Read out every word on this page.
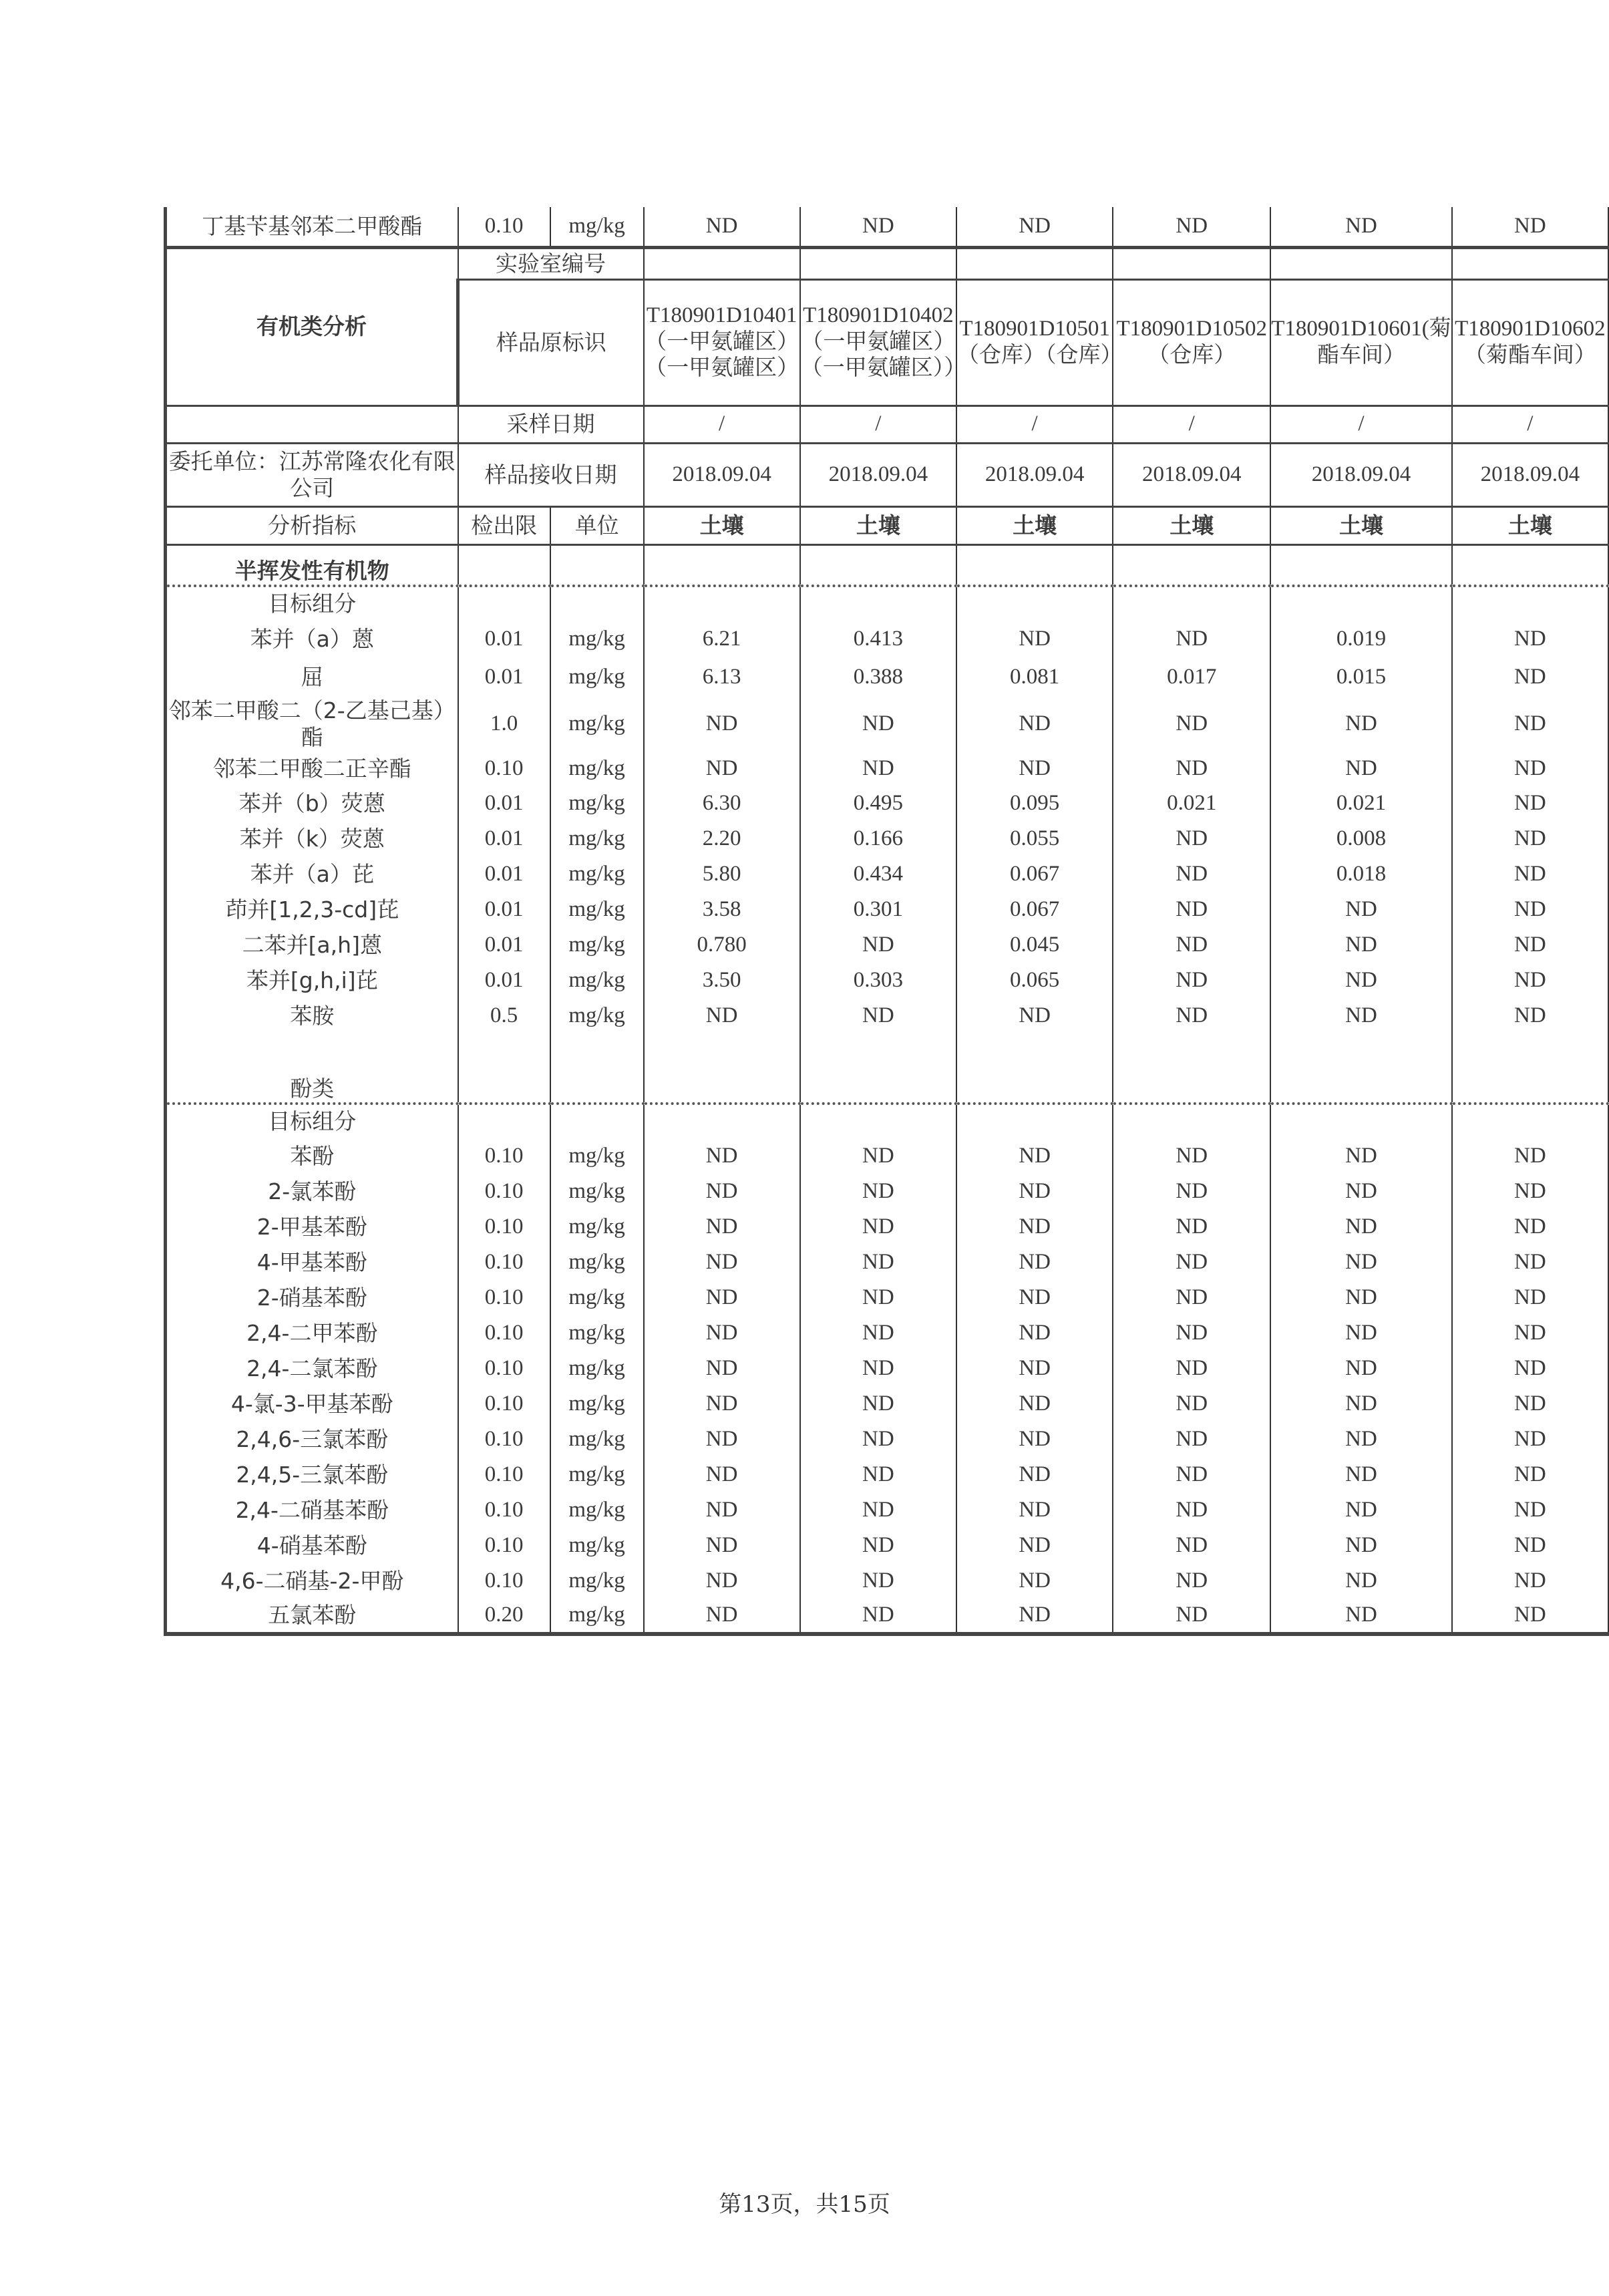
丁基苄基邻苯二甲酸酯	0.10	mg/kg	ND	ND	ND	ND	ND	ND
有机类分析	实验室编号							
	样品原标识		T180901D10401（一甲氨罐区）（一甲氨罐区）	T180901D10402（一甲氨罐区）（一甲氨罐区））	T180901D10501（仓库）（仓库）	T180901D10502（仓库）	T180901D10601(菊酯车间）	T180901D10602（菊酯车间）
	采样日期		/	/	/	/	/	/
委托单位：江苏常隆农化有限公司	样品接收日期		2018.09.04	2018.09.04	2018.09.04	2018.09.04	2018.09.04	2018.09.04
分析指标	检出限	单位	土壤	土壤	土壤	土壤	土壤	土壤
半挥发性有机物								
目标组分								
苯并（a）蒽	0.01	mg/kg	6.21	0.413	ND	ND	0.019	ND
屈	0.01	mg/kg	6.13	0.388	0.081	0.017	0.015	ND
邻苯二甲酸二（2-乙基己基）酯	1.0	mg/kg	ND	ND	ND	ND	ND	ND
邻苯二甲酸二正辛酯	0.10	mg/kg	ND	ND	ND	ND	ND	ND
苯并（b）荧蒽	0.01	mg/kg	6.30	0.495	0.095	0.021	0.021	ND
苯并（k）荧蒽	0.01	mg/kg	2.20	0.166	0.055	ND	0.008	ND
苯并（a）芘	0.01	mg/kg	5.80	0.434	0.067	ND	0.018	ND
茚并[1,2,3-cd]芘	0.01	mg/kg	3.58	0.301	0.067	ND	ND	ND
二苯并[a,h]蒽	0.01	mg/kg	0.780	ND	0.045	ND	ND	ND
苯并[g,h,i]芘	0.01	mg/kg	3.50	0.303	0.065	ND	ND	ND
苯胺	0.5	mg/kg	ND	ND	ND	ND	ND	ND
酚类								
目标组分								
苯酚	0.10	mg/kg	ND	ND	ND	ND	ND	ND
2-氯苯酚	0.10	mg/kg	ND	ND	ND	ND	ND	ND
2-甲基苯酚	0.10	mg/kg	ND	ND	ND	ND	ND	ND
4-甲基苯酚	0.10	mg/kg	ND	ND	ND	ND	ND	ND
2-硝基苯酚	0.10	mg/kg	ND	ND	ND	ND	ND	ND
2,4-二甲苯酚	0.10	mg/kg	ND	ND	ND	ND	ND	ND
2,4-二氯苯酚	0.10	mg/kg	ND	ND	ND	ND	ND	ND
4-氯-3-甲基苯酚	0.10	mg/kg	ND	ND	ND	ND	ND	ND
2,4,6-三氯苯酚	0.10	mg/kg	ND	ND	ND	ND	ND	ND
2,4,5-三氯苯酚	0.10	mg/kg	ND	ND	ND	ND	ND	ND
2,4-二硝基苯酚	0.10	mg/kg	ND	ND	ND	ND	ND	ND
4-硝基苯酚	0.10	mg/kg	ND	ND	ND	ND	ND	ND
4,6-二硝基-2-甲酚	0.10	mg/kg	ND	ND	ND	ND	ND	ND
五氯苯酚	0.20	mg/kg	ND	ND	ND	ND	ND	ND
第13页，共15页
